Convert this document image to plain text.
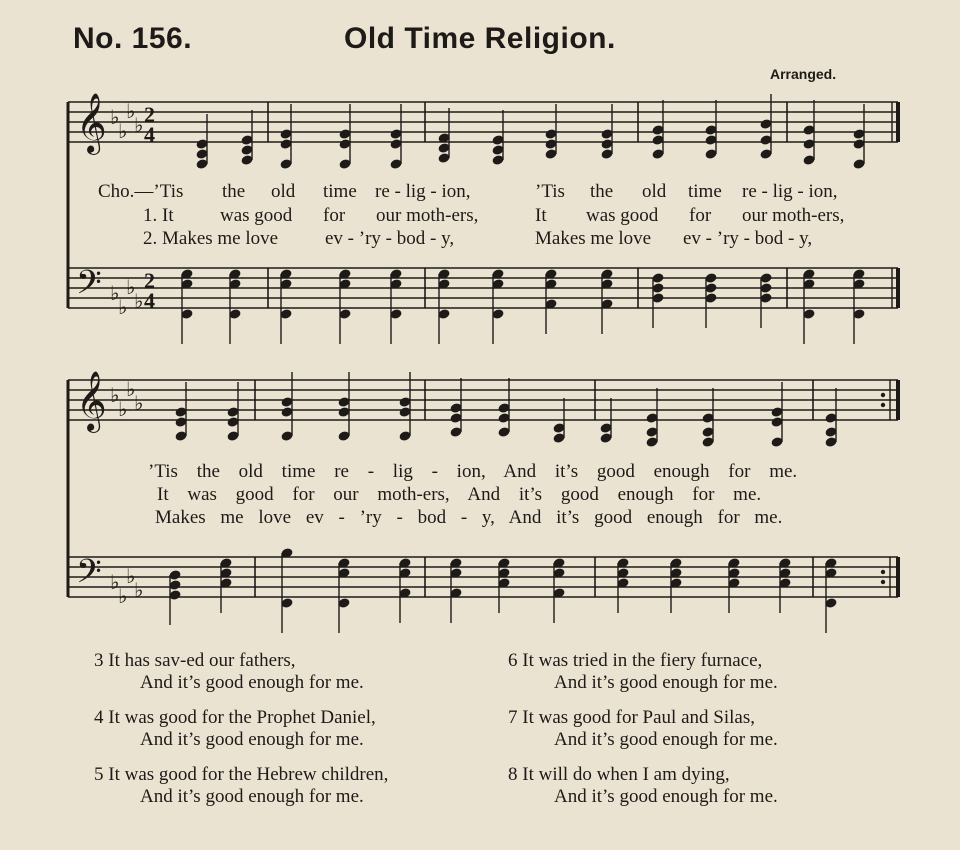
No. 156.	Old Time Religion.
Arranged.
𝄞
𝄞
𝄢
𝄢
♭
♭
♭
♭
♭
♭
♭
♭
♭
♭
♭
♭
♭
♭
♭
♭
2
4
2
4
Cho.—’Tis the old time re - lig - ion,	’Tis the old time re - lig - ion,
1. It was good for our moth-ers,	It was good for our moth-ers,
2. Makes me love ev - ’ry - bod - y,	Makes me love ev - ’ry - bod - y,
’Tis the old time re - lig - ion, And it’s good enough for me.
It was good for our moth-ers, And it’s good enough for me.
Makes me love ev - ’ry - bod - y, And it’s good enough for me.
3 It has sav-ed our fathers,
And it’s good enough for me.
4 It was good for the Prophet Daniel,
And it’s good enough for me.
5 It was good for the Hebrew children,
And it’s good enough for me.
6 It was tried in the fiery furnace,
And it’s good enough for me.
7 It was good for Paul and Silas,
And it’s good enough for me.
8 It will do when I am dying,
And it’s good enough for me.
